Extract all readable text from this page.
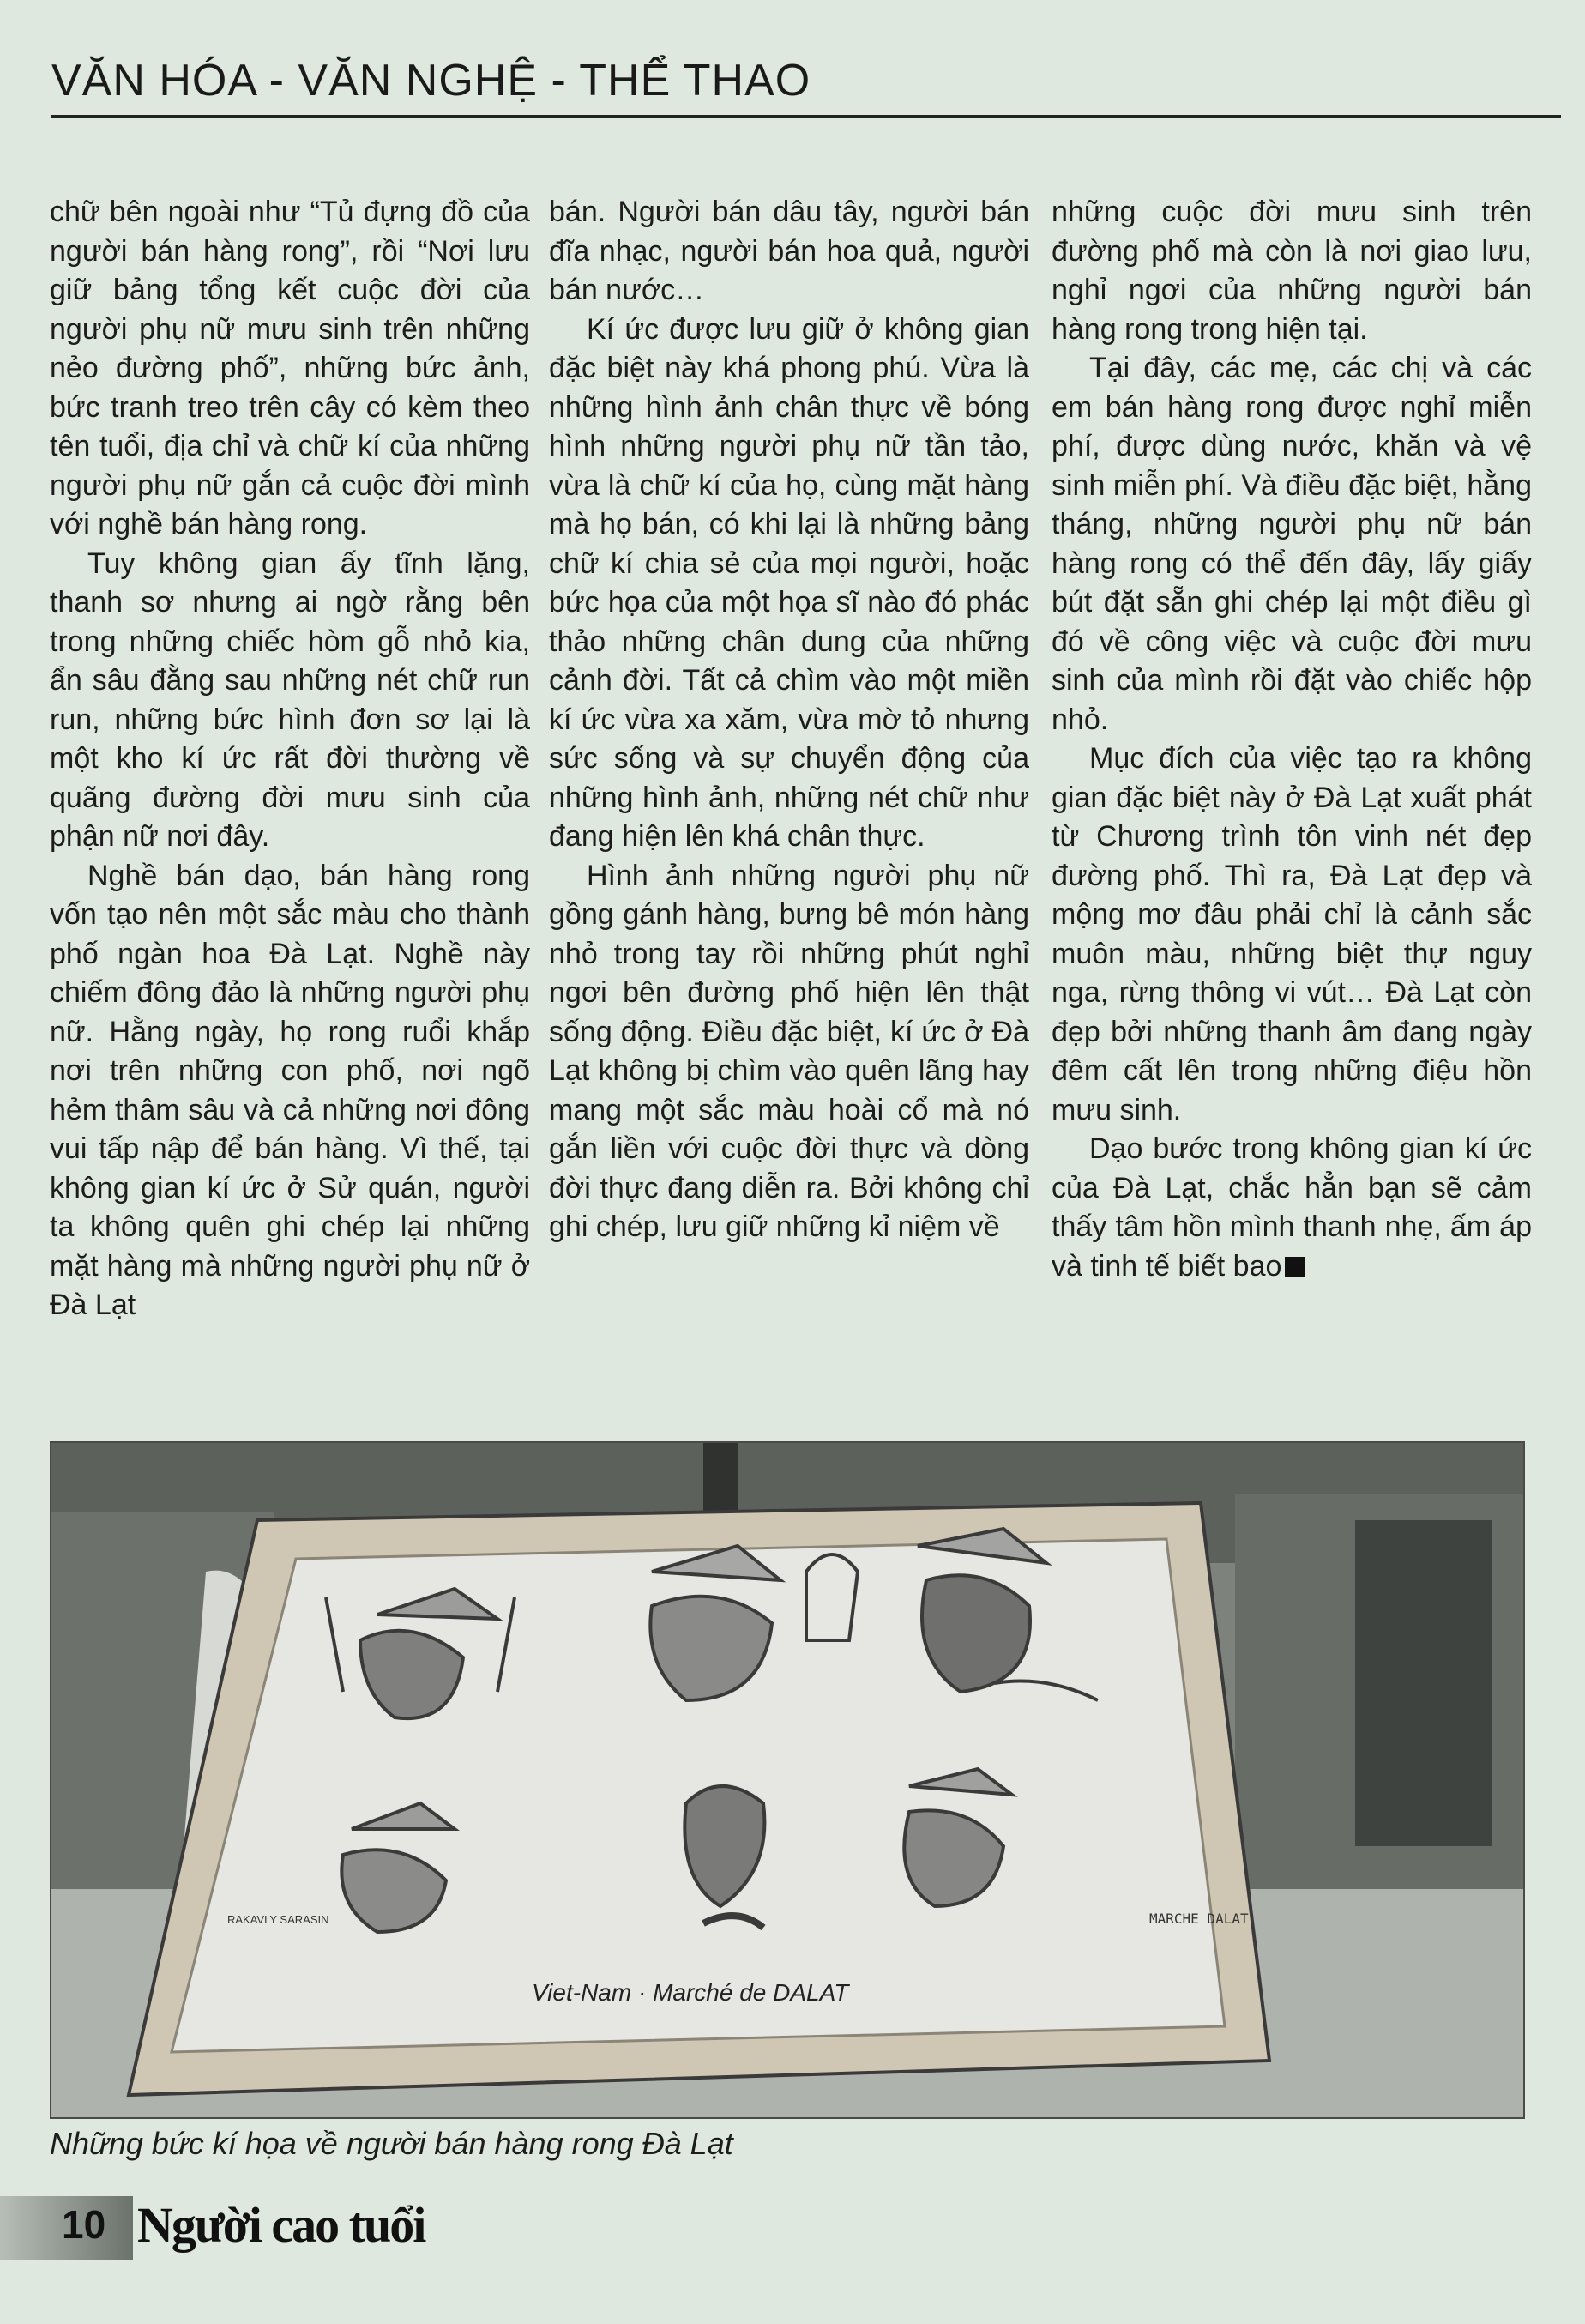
VĂN HÓA - VĂN NGHỆ - THỂ THAO

chữ bên ngoài như “Tủ đựng đồ của người bán hàng rong”, rồi “Nơi lưu giữ bảng tổng kết cuộc đời của người phụ nữ mưu sinh trên những nẻo đường phố”, những bức ảnh, bức tranh treo trên cây có kèm theo tên tuổi, địa chỉ và chữ kí của những người phụ nữ gắn cả cuộc đời mình với nghề bán hàng rong.

Tuy không gian ấy tĩnh lặng, thanh sơ nhưng ai ngờ rằng bên trong những chiếc hòm gỗ nhỏ kia, ẩn sâu đằng sau những nét chữ run run, những bức hình đơn sơ lại là một kho kí ức rất đời thường về quãng đường đời mưu sinh của phận nữ nơi đây.

Nghề bán dạo, bán hàng rong vốn tạo nên một sắc màu cho thành phố ngàn hoa Đà Lạt. Nghề này chiếm đông đảo là những người phụ nữ. Hằng ngày, họ rong ruổi khắp nơi trên những con phố, nơi ngõ hẻm thâm sâu và cả những nơi đông vui tấp nập để bán hàng. Vì thế, tại không gian kí ức ở Sử quán, người ta không quên ghi chép lại những mặt hàng mà những người phụ nữ ở Đà Lạt

bán. Người bán dâu tây, người bán đĩa nhạc, người bán hoa quả, người bán nước…

Kí ức được lưu giữ ở không gian đặc biệt này khá phong phú. Vừa là những hình ảnh chân thực về bóng hình những người phụ nữ tần tảo, vừa là chữ kí của họ, cùng mặt hàng mà họ bán, có khi lại là những bảng chữ kí chia sẻ của mọi người, hoặc bức họa của một họa sĩ nào đó phác thảo những chân dung của những cảnh đời. Tất cả chìm vào một miền kí ức vừa xa xăm, vừa mờ tỏ nhưng sức sống và sự chuyển động của những hình ảnh, những nét chữ như đang hiện lên khá chân thực.

Hình ảnh những người phụ nữ gồng gánh hàng, bưng bê món hàng nhỏ trong tay rồi những phút nghỉ ngơi bên đường phố hiện lên thật sống động. Điều đặc biệt, kí ức ở Đà Lạt không bị chìm vào quên lãng hay mang một sắc màu hoài cổ mà nó gắn liền với cuộc đời thực và dòng đời thực đang diễn ra. Bởi không chỉ ghi chép, lưu giữ những kỉ niệm về

những cuộc đời mưu sinh trên đường phố mà còn là nơi giao lưu, nghỉ ngơi của những người bán hàng rong trong hiện tại.

Tại đây, các mẹ, các chị và các em bán hàng rong được nghỉ miễn phí, được dùng nước, khăn và vệ sinh miễn phí. Và điều đặc biệt, hằng tháng, những người phụ nữ bán hàng rong có thể đến đây, lấy giấy bút đặt sẵn ghi chép lại một điều gì đó về công việc và cuộc đời mưu sinh của mình rồi đặt vào chiếc hộp nhỏ.

Mục đích của việc tạo ra không gian đặc biệt này ở Đà Lạt xuất phát từ Chương trình tôn vinh nét đẹp đường phố. Thì ra, Đà Lạt đẹp và mộng mơ đâu phải chỉ là cảnh sắc muôn màu, những biệt thự nguy nga, rừng thông vi vút… Đà Lạt còn đẹp bởi những thanh âm đang ngày đêm cất lên trong những điệu hồn mưu sinh.

Dạo bước trong không gian kí ức của Đà Lạt, chắc hẳn bạn sẽ cảm thấy tâm hồn mình thanh nhẹ, ấm áp và tinh tế biết bao

RAKAVLY SARASIN
Viet-Nam · Marché de DALAT
MARCHE DALAT
Những bức kí họa về người bán hàng rong Đà Lạt
10 Người cao tuổi
